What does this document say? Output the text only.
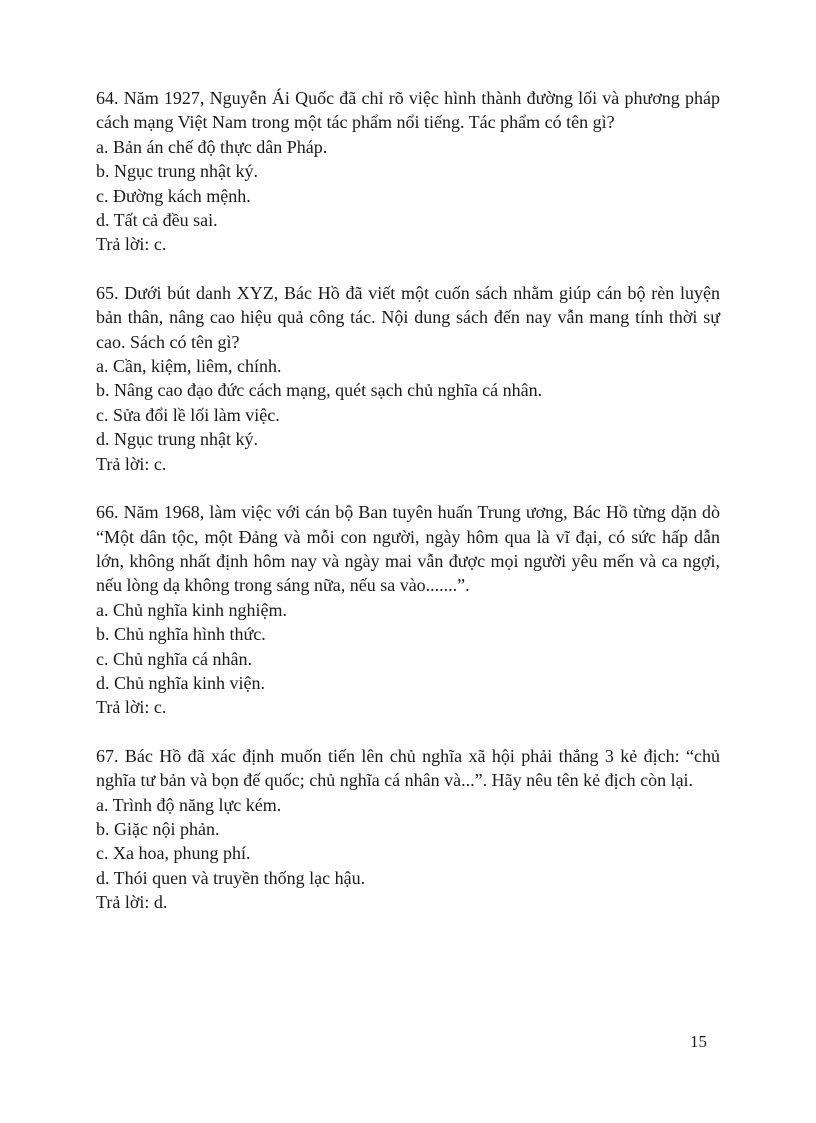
64. Năm 1927, Nguyễn Ái Quốc đã chỉ rõ việc hình thành đường lối và phương pháp cách mạng Việt Nam trong một tác phẩm nổi tiếng. Tác phẩm có tên gì?

a. Bản án chế độ thực dân Pháp.

b. Ngục trung nhật ký.

c. Đường kách mệnh.

d. Tất cả đều sai.

Trả lời: c.

65. Dưới bút danh XYZ, Bác Hồ đã viết một cuốn sách nhằm giúp cán bộ rèn luyện bản thân, nâng cao hiệu quả công tác. Nội dung sách đến nay vẫn mang tính thời sự cao. Sách có tên gì?

a. Cần, kiệm, liêm, chính.

b. Nâng cao đạo đức cách mạng, quét sạch chủ nghĩa cá nhân.

c. Sửa đổi lề lối làm việc.

d. Ngục trung nhật ký.

Trả lời: c.

66. Năm 1968, làm việc với cán bộ Ban tuyên huấn Trung ương, Bác Hồ từng dặn dò “Một dân tộc, một Đảng và mỗi con người, ngày hôm qua là vĩ đại, có sức hấp dẫn lớn, không nhất định hôm nay và ngày mai vẫn được mọi người yêu mến và ca ngợi, nếu lòng dạ không trong sáng nữa, nếu sa vào.......”.

a. Chủ nghĩa kinh nghiệm.

b. Chủ nghĩa hình thức.

c. Chủ nghĩa cá nhân.

d. Chủ nghĩa kinh viện.

Trả lời: c.

67. Bác Hồ đã xác định muốn tiến lên chủ nghĩa xã hội phải thắng 3 kẻ địch: “chủ nghĩa tư bản và bọn đế quốc; chủ nghĩa cá nhân và...”. Hãy nêu tên kẻ địch còn lại.

a. Trình độ năng lực kém.

b. Giặc nội phản.

c. Xa hoa, phung phí.

d. Thói quen và truyền thống lạc hậu.

Trả lời: d.

15
